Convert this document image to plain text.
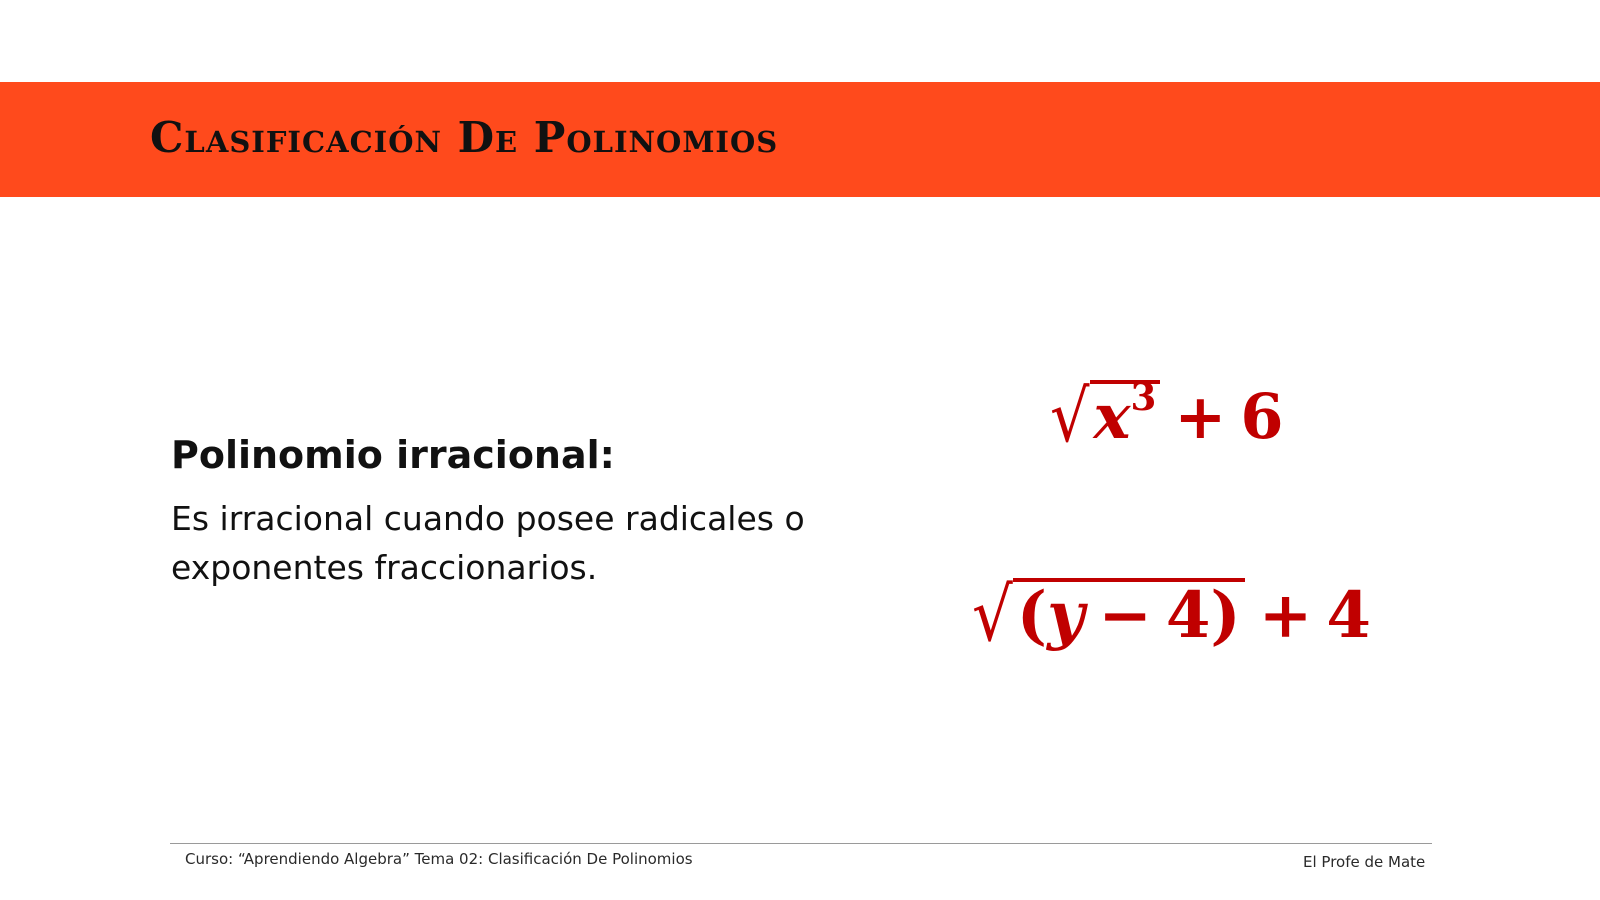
Clasificación De Polinomios
Polinomio irracional:
Es irracional cuando posee radicales o exponentes fraccionarios.
$√x^3 + 6$
√(y − 4) + 4
Curso: “Aprendiendo Algebra” Tema 02: Clasificación De Polinomios	El Profe de Mate
